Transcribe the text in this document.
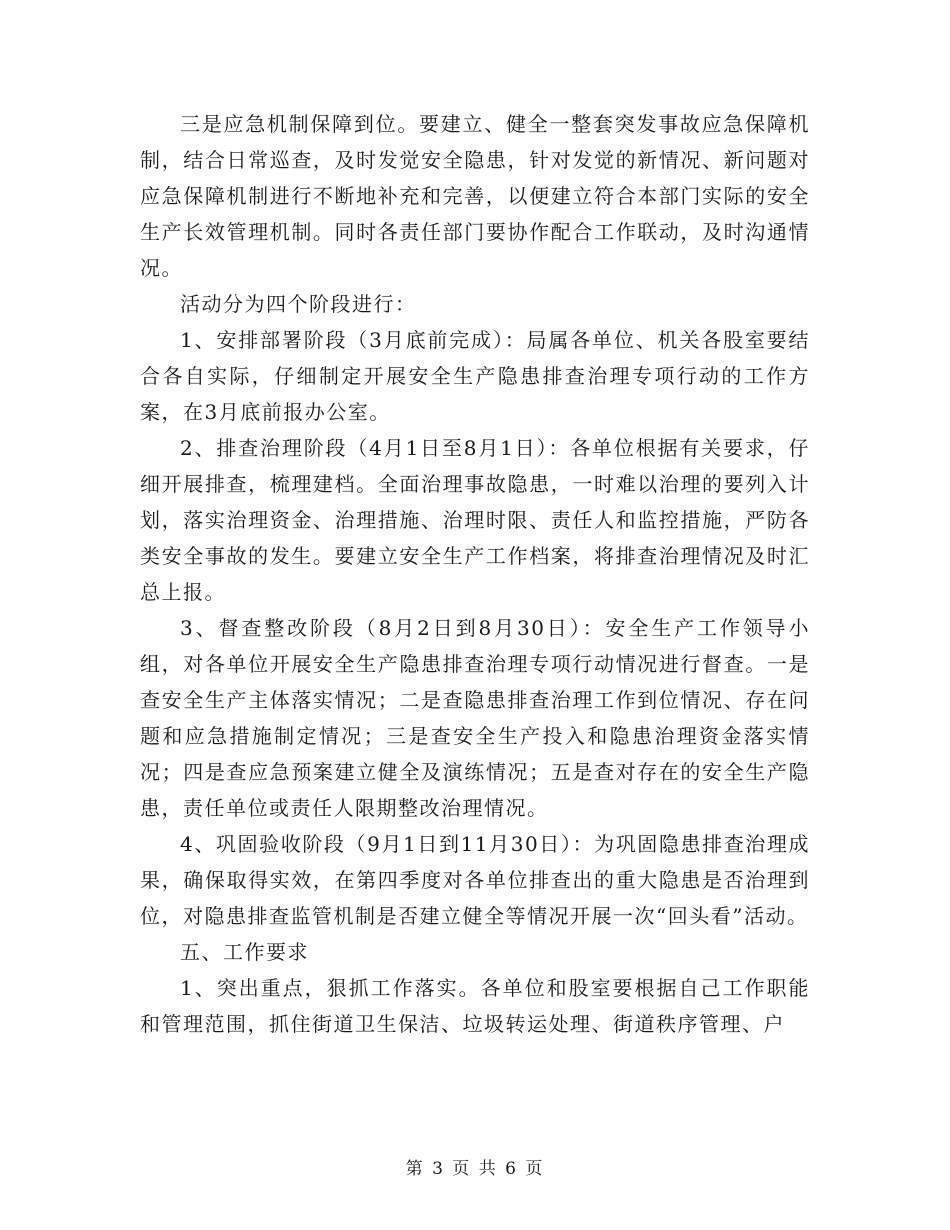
三是应急机制保障到位。要建立、健全一整套突发事故应急保障机制，结合日常巡查，及时发觉安全隐患，针对发觉的新情况、新问题对应急保障机制进行不断地补充和完善，以便建立符合本部门实际的安全生产长效管理机制。同时各责任部门要协作配合工作联动，及时沟通情况。

活动分为四个阶段进行：

1、安排部署阶段（3月底前完成）：局属各单位、机关各股室要结合各自实际，仔细制定开展安全生产隐患排查治理专项行动的工作方案，在3月底前报办公室。

2、排查治理阶段（4月1日至8月1日）：各单位根据有关要求，仔细开展排查，梳理建档。全面治理事故隐患，一时难以治理的要列入计划，落实治理资金、治理措施、治理时限、责任人和监控措施，严防各类安全事故的发生。要建立安全生产工作档案，将排查治理情况及时汇总上报。

3、督查整改阶段（8月2日到8月30日）：安全生产工作领导小组，对各单位开展安全生产隐患排查治理专项行动情况进行督查。一是查安全生产主体落实情况；二是查隐患排查治理工作到位情况、存在问题和应急措施制定情况；三是查安全生产投入和隐患治理资金落实情况；四是查应急预案建立健全及演练情况；五是查对存在的安全生产隐患，责任单位或责任人限期整改治理情况。

4、巩固验收阶段（9月1日到11月30日）：为巩固隐患排查治理成果，确保取得实效，在第四季度对各单位排查出的重大隐患是否治理到位，对隐患排查监管机制是否建立健全等情况开展一次“回头看”活动。

五、工作要求

1、突出重点，狠抓工作落实。各单位和股室要根据自己工作职能和管理范围，抓住街道卫生保洁、垃圾转运处理、街道秩序管理、户

第 3 页 共 6 页
